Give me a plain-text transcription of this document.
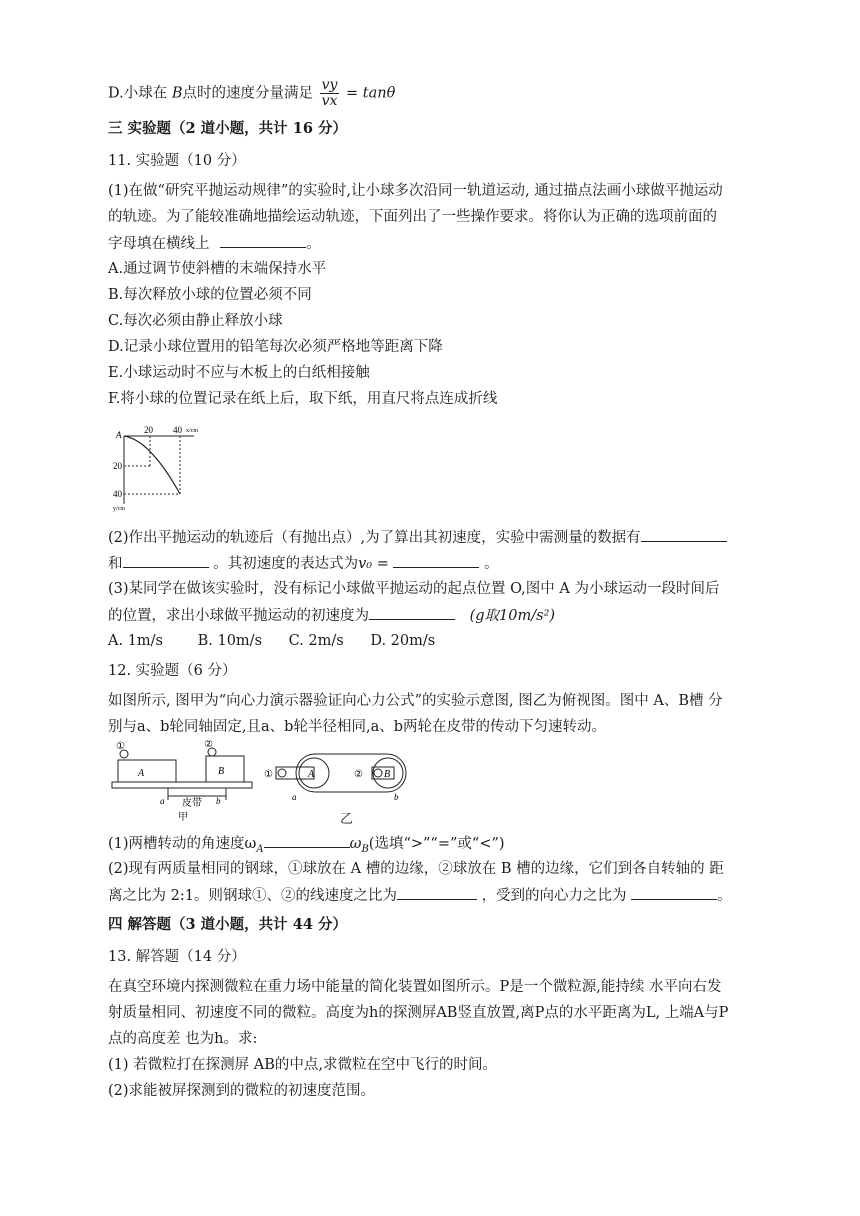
D.小球在 B点时的速度分量满足 $\frac{vy}{vx} = \tan\theta$
三 实验题（2 道小题，共计 16 分）
11. 实验题（10 分）
(1)在做“研究平抛运动规律”的实验时,让小球多次沿同一轨道运动, 通过描点法画小球做平抛运动
的轨迹。为了能较准确地描绘运动轨迹，下面列出了一些操作要求。将你认为正确的选项前面的
字母填在横线上	。
A.通过调节使斜槽的末端保持水平
B.每次释放小球的位置必须不同
C.每次必须由静止释放小球
D.记录小球位置用的铅笔每次必须严格地等距离下降
E.小球运动时不应与木板上的白纸相接触
F.将小球的位置记录在纸上后，取下纸，用直尺将点连成折线
A	20 40 x/cm
20
40
y/cm
(2)作出平抛运动的轨迹后（有抛出点）,为了算出其初速度，实验中需测量的数据有
和	。其初速度的表达式为v₀ =	。
(3)某同学在做该实验时，没有标记小球做平抛运动的起点位置 O,图中 A 为小球运动一段时间后
的位置，求出小球做平抛运动的初速度为	(g取10m/s²)
A. 1m/s B. 10m/s C. 2m/s D. 20m/s
12. 实验题（6 分）
如图所示, 图甲为“向心力演示器验证向心力公式”的实验示意图, 图乙为俯视图。图中 A、B槽 分
别与a、b轮同轴固定,且a、b轮半径相同,a、b两轮在皮带的传动下匀速转动。
①	②
A	B
a	b
皮带
甲
①	②
A	B
a	b
乙
(1)两槽转动的角速度$\omega_A$	$\omega_B$(选填“>”“=”或“<”)
(2)现有两质量相同的钢球，①球放在 A 槽的边缘，②球放在 B 槽的边缘，它们到各自转轴的 距
离之比为 2:1。则钢球①、②的线速度之比为	，受到的向心力之比为	。
四 解答题（3 道小题，共计 44 分）
13. 解答题（14 分）
在真空环境内探测微粒在重力场中能量的简化装置如图所示。P是一个微粒源,能持续 水平向右发
射质量相同、初速度不同的微粒。高度为h的探测屏AB竖直放置,离P点的水平距离为L, 上端A与P
点的高度差 也为h。求:
(1) 若微粒打在探测屏 AB的中点,求微粒在空中飞行的时间。
(2)求能被屏探测到的微粒的初速度范围。
